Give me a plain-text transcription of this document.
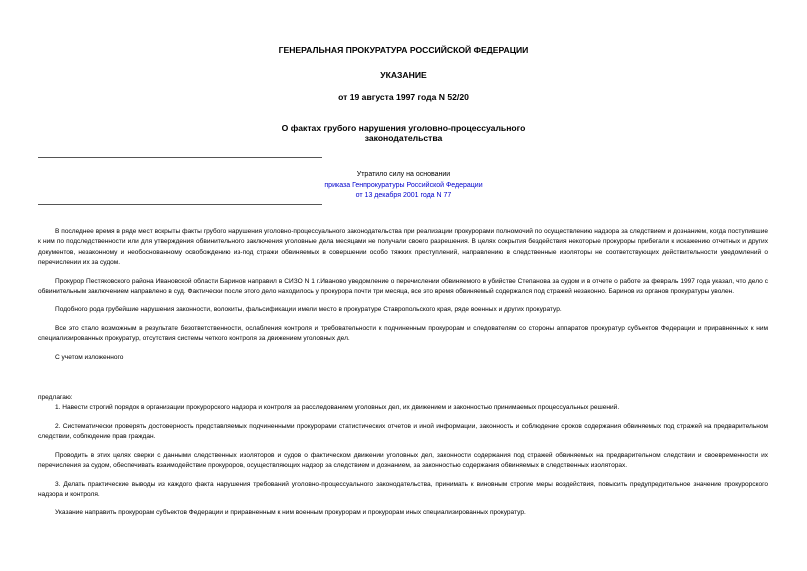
ГЕНЕРАЛЬНАЯ ПРОКУРАТУРА РОССИЙСКОЙ ФЕДЕРАЦИИ
УКАЗАНИЕ
от 19 августа 1997 года N 52/20
О фактах грубого нарушения уголовно-процессуального
законодательства
Утратило силу на основании
приказа Генпрокуратуры Российской Федерации
от 13 декабря 2001 года N 77
В последнее время в ряде мест вскрыты факты грубого нарушения уголовно-процессуального законодательства при реализации прокурорами полномочий по осуществлению надзора за следствием и дознанием, когда поступившие к ним по подследственности или для утверждения обвинительного заключения уголовные дела месяцами не получали своего разрешения. В целях сокрытия бездействия некоторые прокуроры прибегали к искажению отчетных и других документов, незаконному и необоснованному освобождению из-под стражи обвиняемых в совершении особо тяжких преступлений, направлению в следственные изоляторы не соответствующих действительности уведомлений о перечислении их за судом.
Прокурор Пестяковского района Ивановской области Баринов направил в СИЗО N 1 г.Иваново уведомление о перечислении обвиняемого в убийстве Степанова за судом и в отчете о работе за февраль 1997 года указал, что дело с обвинительным заключением направлено в суд. Фактически после этого дело находилось у прокурора почти три месяца, все это время обвиняемый содержался под стражей незаконно. Баринов из органов прокуратуры уволен.
Подобного рода грубейшие нарушения законности, волокиты, фальсификации имели место в прокуратуре Ставропольского края, ряде военных и других прокуратур.
Все это стало возможным в результате безответственности, ослабления контроля и требовательности к подчиненным прокурорам и следователям со стороны аппаратов прокуратур субъектов Федерации и приравненных к ним специализированных прокуратур, отсутствия системы четкого контроля за движением уголовных дел.
С учетом изложенного
предлагаю:
1. Навести строгий порядок в организации прокурорского надзора и контроля за расследованием уголовных дел, их движением и законностью принимаемых процессуальных решений.
2. Систематически проверять достоверность представляемых подчиненными прокурорами статистических отчетов и иной информации, законность и соблюдение сроков содержания обвиняемых под стражей на предварительном следствии, соблюдение прав граждан.
Проводить в этих целях сверки с данными следственных изоляторов и судов о фактическом движении уголовных дел, законности содержания под стражей обвиняемых на предварительном следствии и своевременности их перечисления за судом, обеспечивать взаимодействие прокуроров, осуществляющих надзор за следствием и дознанием, за законностью содержания обвиняемых в следственных изоляторах.
3. Делать практические выводы из каждого факта нарушения требований уголовно-процессуального законодательства, принимать к виновным строгие меры воздействия, повысить предупредительное значение прокурорского надзора и контроля.
Указание направить прокурорам субъектов Федерации и приравненным к ним военным прокурорам и прокурорам иных специализированных прокуратур.
